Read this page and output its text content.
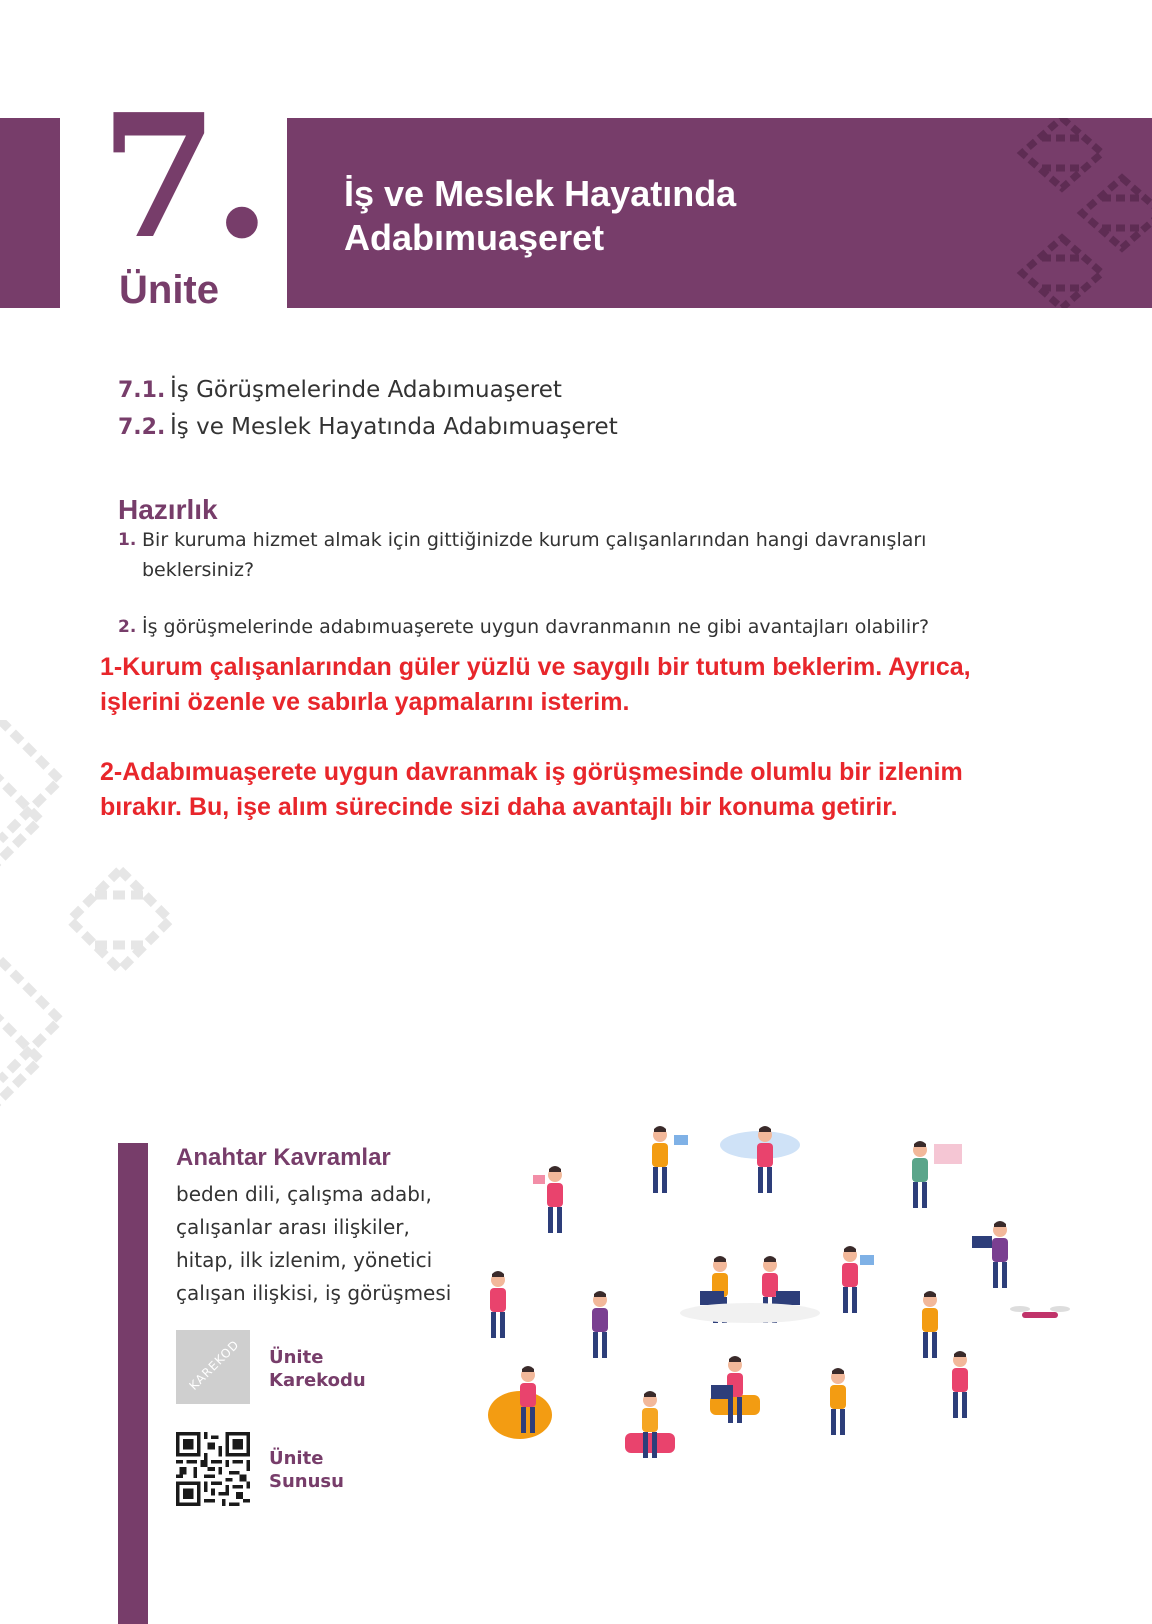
7.
Ünite
İş ve Meslek Hayatında
Adabımuaşeret
7.1. İş Görüşmelerinde Adabımuaşeret
7.2. İş ve Meslek Hayatında Adabımuaşeret
Hazırlık
1. Bir kuruma hizmet almak için gittiğinizde kurum çalışanlarından hangi davranışları
beklersiniz?
2. İş görüşmelerinde adabımuaşerete uygun davranmanın ne gibi avantajları olabilir?
1-Kurum çalışanlarından güler yüzlü ve saygılı bir tutum beklerim. Ayrıca,
işlerini özenle ve sabırla yapmalarını isterim.
2-Adabımuaşerete uygun davranmak iş görüşmesinde olumlu bir izlenim
bırakır. Bu, işe alım sürecinde sizi daha avantajlı bir konuma getirir.
Anahtar Kavramlar
beden dili, çalışma adabı,
çalışanlar arası ilişkiler,
hitap, ilk izlenim, yönetici
çalışan ilişkisi, iş görüşmesi
KAREKOD Ünite
Karekodu
Ünite
Sunusu
